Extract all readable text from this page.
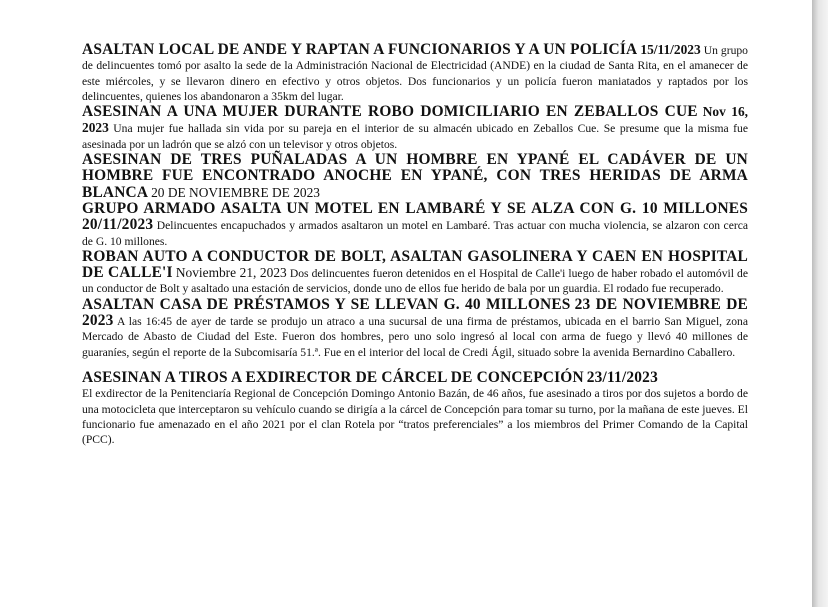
ASALTAN LOCAL DE ANDE Y RAPTAN A FUNCIONARIOS Y A UN POLICÍA 15/11/2023 Un grupo de delincuentes tomó por asalto la sede de la Administración Nacional de Electricidad (ANDE) en la ciudad de Santa Rita, en el amanecer de este miércoles, y se llevaron dinero en efectivo y otros objetos. Dos funcionarios y un policía fueron maniatados y raptados por los delincuentes, quienes los abandonaron a 35km del lugar.

ASESINAN A UNA MUJER DURANTE ROBO DOMICILIARIO EN ZEBALLOS CUE Nov 16, 2023 Una mujer fue hallada sin vida por su pareja en el interior de su almacén ubicado en Zeballos Cue. Se presume que la misma fue asesinada por un ladrón que se alzó con un televisor y otros objetos.

ASESINAN DE TRES PUÑALADAS A UN HOMBRE EN YPANÉ EL CADÁVER DE UN HOMBRE FUE ENCONTRADO ANOCHE EN YPANÉ, CON TRES HERIDAS DE ARMA BLANCA 20 DE NOVIEMBRE DE 2023

GRUPO ARMADO ASALTA UN MOTEL EN LAMBARÉ Y SE ALZA CON G. 10 MILLONES 20/11/2023 Delincuentes encapuchados y armados asaltaron un motel en Lambaré. Tras actuar con mucha violencia, se alzaron con cerca de G. 10 millones.

ROBAN AUTO A CONDUCTOR DE BOLT, ASALTAN GASOLINERA Y CAEN EN HOSPITAL DE CALLE'I Noviembre 21, 2023 Dos delincuentes fueron detenidos en el Hospital de Calle'i luego de haber robado el automóvil de un conductor de Bolt y asaltado una estación de servicios, donde uno de ellos fue herido de bala por un guardia. El rodado fue recuperado.

ASALTAN CASA DE PRÉSTAMOS Y SE LLEVAN G. 40 MILLONES 23 DE NOVIEMBRE DE 2023 A las 16:45 de ayer de tarde se produjo un atraco a una sucursal de una firma de préstamos, ubicada en el barrio San Miguel, zona Mercado de Abasto de Ciudad del Este. Fueron dos hombres, pero uno solo ingresó al local con arma de fuego y llevó 40 millones de guaraníes, según el reporte de la Subcomisaría 51.ª. Fue en el interior del local de Credi Ágil, situado sobre la avenida Bernardino Caballero.

ASESINAN A TIROS A EXDIRECTOR DE CÁRCEL DE CONCEPCIÓN 23/11/2023

El exdirector de la Penitenciaría Regional de Concepción Domingo Antonio Bazán, de 46 años, fue asesinado a tiros por dos sujetos a bordo de una motocicleta que interceptaron su vehículo cuando se dirigía a la cárcel de Concepción para tomar su turno, por la mañana de este jueves. El funcionario fue amenazado en el año 2021 por el clan Rotela por “tratos preferenciales” a los miembros del Primer Comando de la Capital (PCC).
